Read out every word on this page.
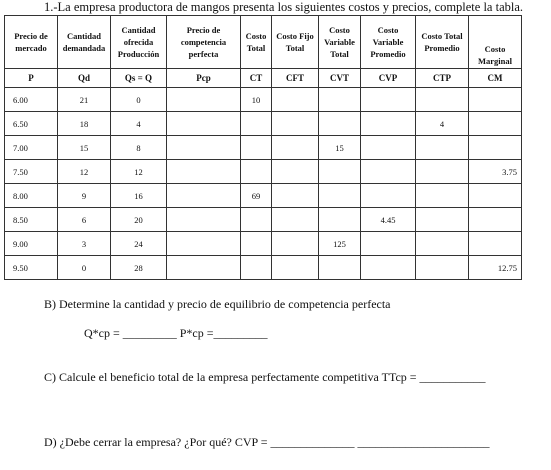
1.-La empresa productora de mangos presenta los siguientes costos y precios, complete la tabla.
Precio de mercado	Cantidad demandada	Cantidad ofrecida Producción	Precio de competencia perfecta	Costo Total	Costo Fijo Total	Costo Variable Total	Costo Variable Promedio	Costo Total Promedio	Costo Marginal
P	Qd	Qs = Q	Pcp	CT	CFT	CVT	CVP	CTP	CM
6.00	21	0		10					
6.50	18	4						4	
7.00	15	8				15			
7.50	12	12							3.75
8.00	9	16		69					
8.50	6	20					4.45		
9.00	3	24				125			
9.50	0	28							12.75
B) Determine la cantidad y precio de equilibrio de competencia perfecta
Q*cp = _________ P*cp =_________
C) Calcule el beneficio total de la empresa perfectamente competitiva TTcp = ___________
D) ¿Debe cerrar la empresa? ¿Por qué? CVP = ______________ ______________________
